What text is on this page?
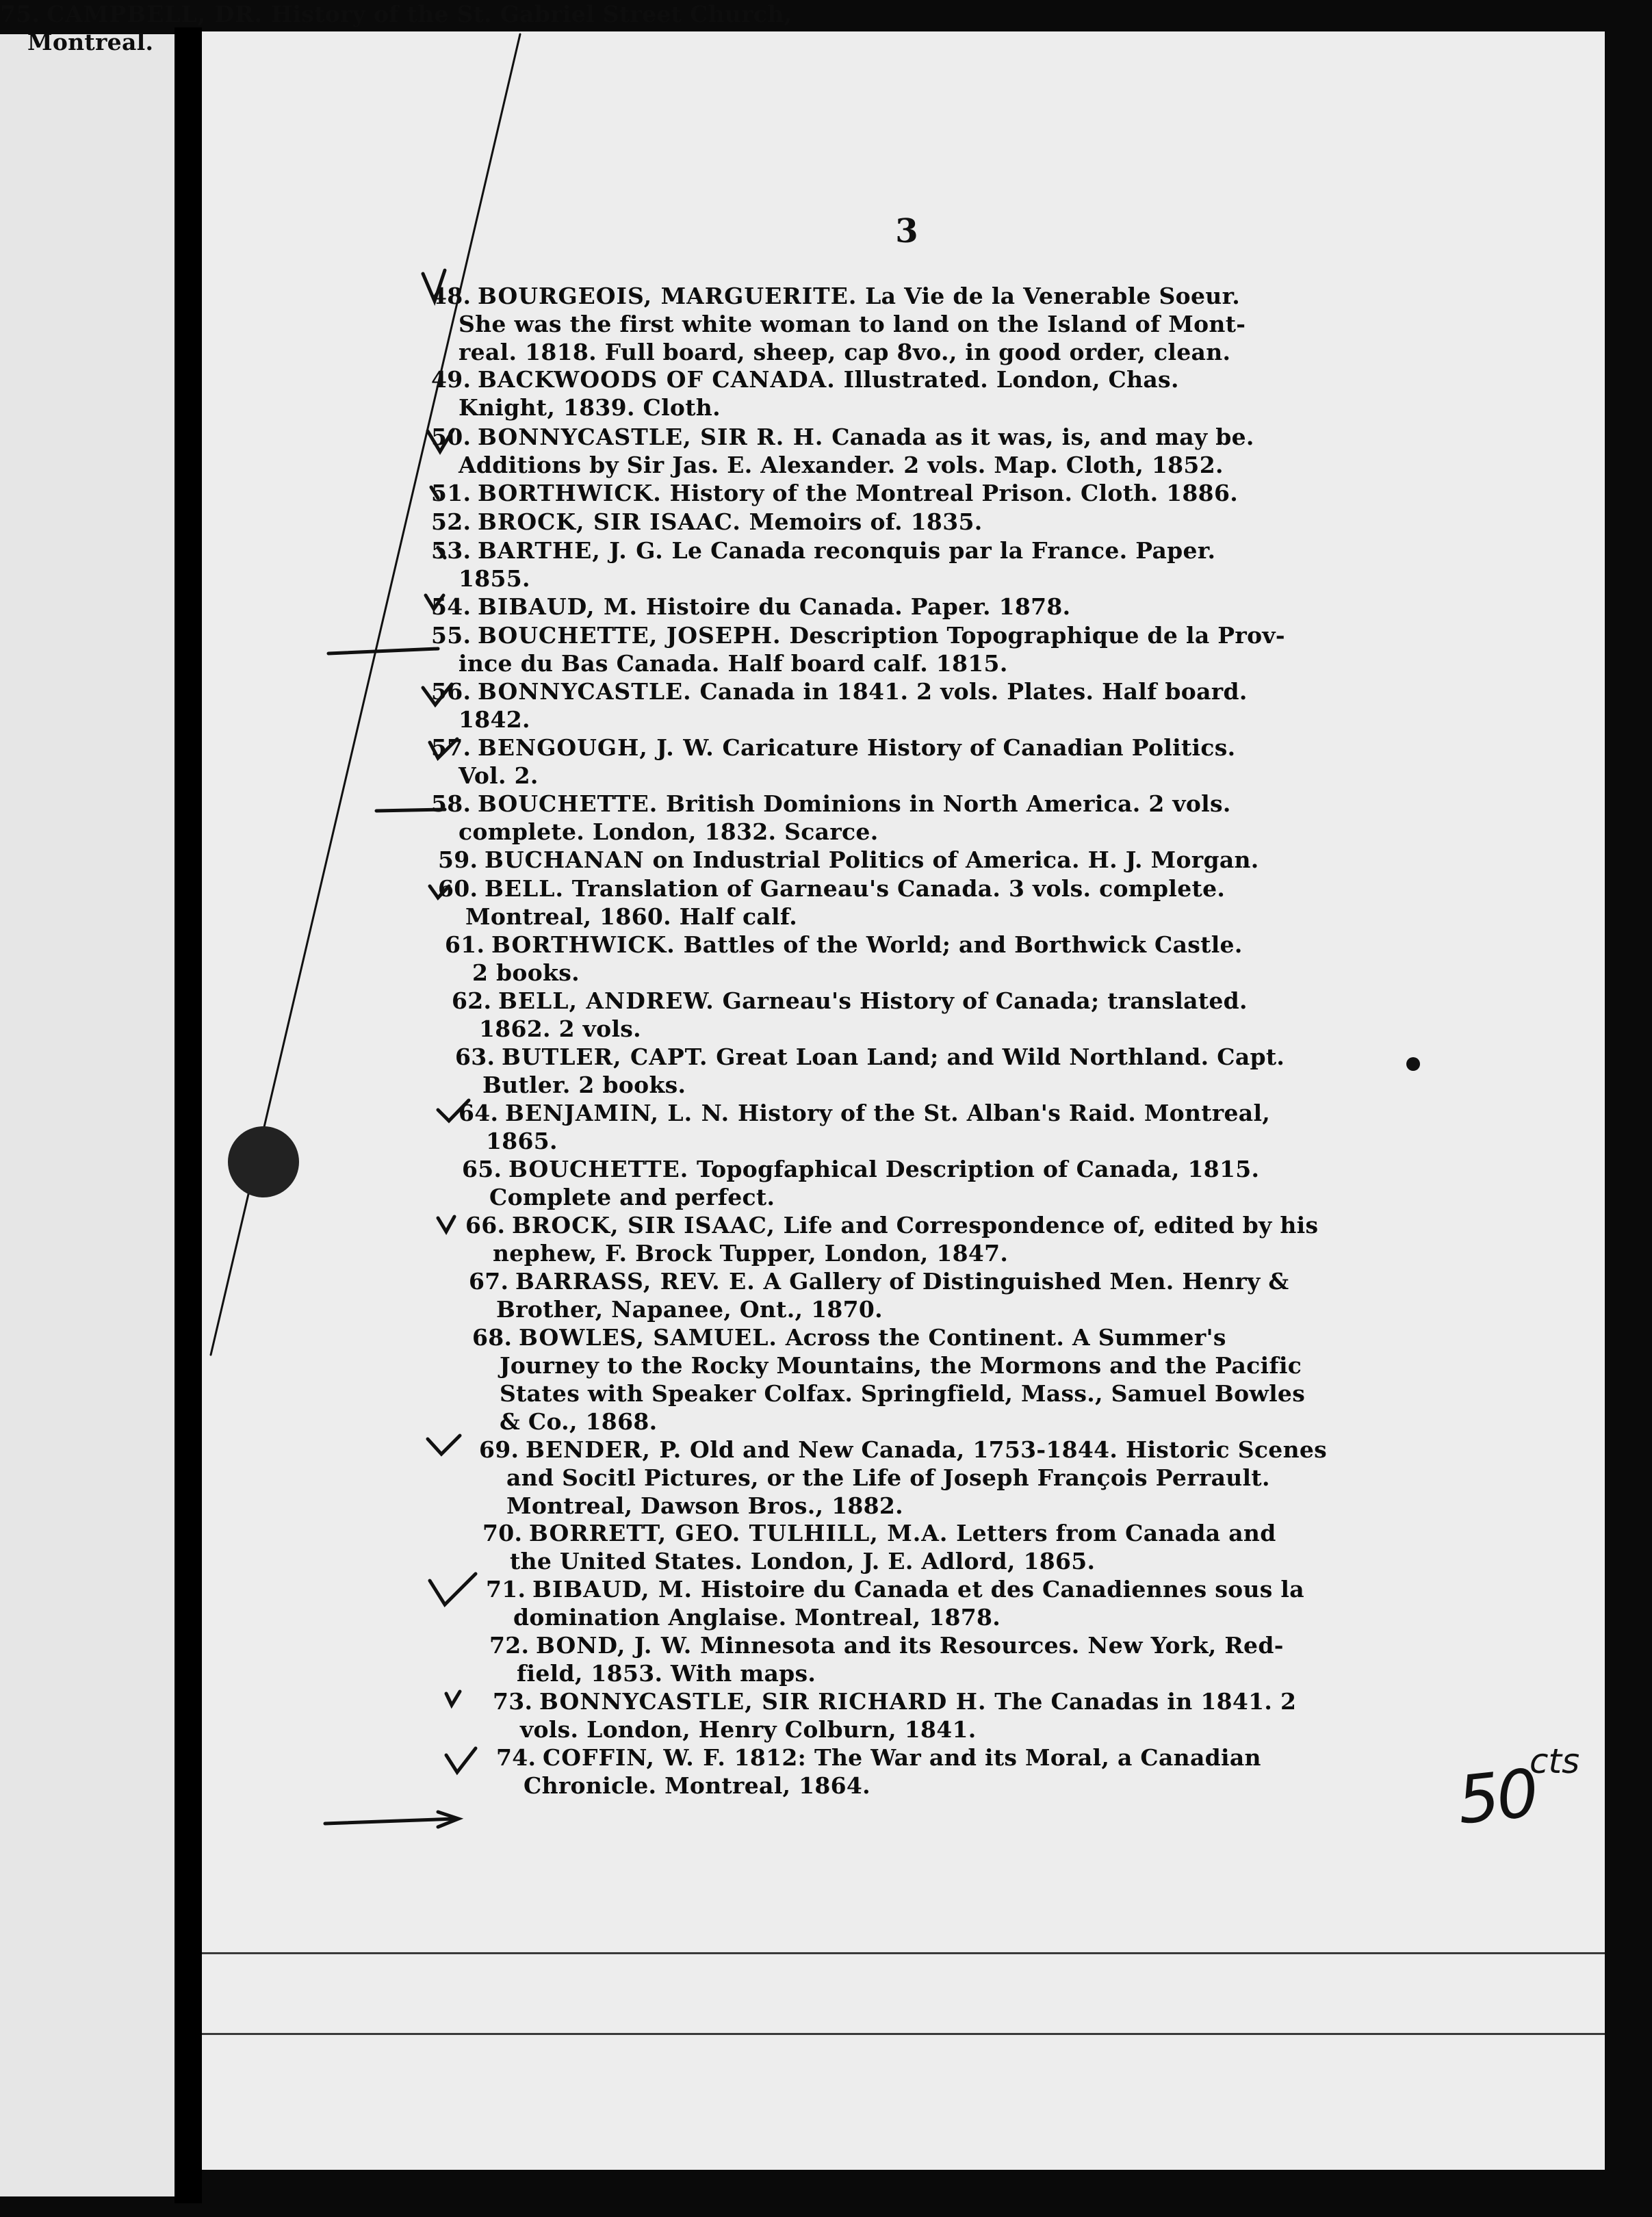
3
48. BOURGEOIS, MARGUERITE. La Vie de la Venerable Soeur.
She was the first white woman to land on the Island of Mont-
real. 1818. Full board, sheep, cap 8vo., in good order, clean.
49. BACKWOODS OF CANADA. Illustrated. London, Chas.
Knight, 1839. Cloth.
50. BONNYCASTLE, SIR R. H. Canada as it was, is, and may be.
Additions by Sir Jas. E. Alexander. 2 vols. Map. Cloth, 1852.
51. BORTHWICK. History of the Montreal Prison. Cloth. 1886.
52. BROCK, SIR ISAAC. Memoirs of. 1835.
53. BARTHE, J. G. Le Canada reconquis par la France. Paper.
1855.
54. BIBAUD, M. Histoire du Canada. Paper. 1878.
55. BOUCHETTE, JOSEPH. Description Topographique de la Prov-
ince du Bas Canada. Half board calf. 1815.
56. BONNYCASTLE. Canada in 1841. 2 vols. Plates. Half board.
1842.
57. BENGOUGH, J. W. Caricature History of Canadian Politics.
Vol. 2.
58. BOUCHETTE. British Dominions in North America. 2 vols.
complete. London, 1832. Scarce.
59. BUCHANAN on Industrial Politics of America. H. J. Morgan.
60. BELL. Translation of Garneau's Canada. 3 vols. complete.
Montreal, 1860. Half calf.
61. BORTHWICK. Battles of the World; and Borthwick Castle.
2 books.
62. BELL, ANDREW. Garneau's History of Canada; translated.
1862. 2 vols.
63. BUTLER, CAPT. Great Loan Land; and Wild Northland. Capt.
Butler. 2 books.
64. BENJAMIN, L. N. History of the St. Alban's Raid. Montreal,
1865.
65. BOUCHETTE. Topogfaphical Description of Canada, 1815.
Complete and perfect.
66. BROCK, SIR ISAAC, Life and Correspondence of, edited by his
nephew, F. Brock Tupper, London, 1847.
67. BARRASS, REV. E. A Gallery of Distinguished Men. Henry &
Brother, Napanee, Ont., 1870.
68. BOWLES, SAMUEL. Across the Continent. A Summer's
Journey to the Rocky Mountains, the Mormons and the Pacific
States with Speaker Colfax. Springfield, Mass., Samuel Bowles
& Co., 1868.
69. BENDER, P. Old and New Canada, 1753-1844. Historic Scenes
and Socitl Pictures, or the Life of Joseph François Perrault.
Montreal, Dawson Bros., 1882.
70. BORRETT, GEO. TULHILL, M.A. Letters from Canada and
the United States. London, J. E. Adlord, 1865.
71. BIBAUD, M. Histoire du Canada et des Canadiennes sous la
domination Anglaise. Montreal, 1878.
72. BOND, J. W. Minnesota and its Resources. New York, Red-
field, 1853. With maps.
73. BONNYCASTLE, SIR RICHARD H. The Canadas in 1841. 2
vols. London, Henry Colburn, 1841.
74. COFFIN, W. F. 1812: The War and its Moral, a Canadian
Chronicle. Montreal, 1864.
75. CAMPBELL, DR. History of the St. Gabriel Street Church,
Montreal.
50
cts
